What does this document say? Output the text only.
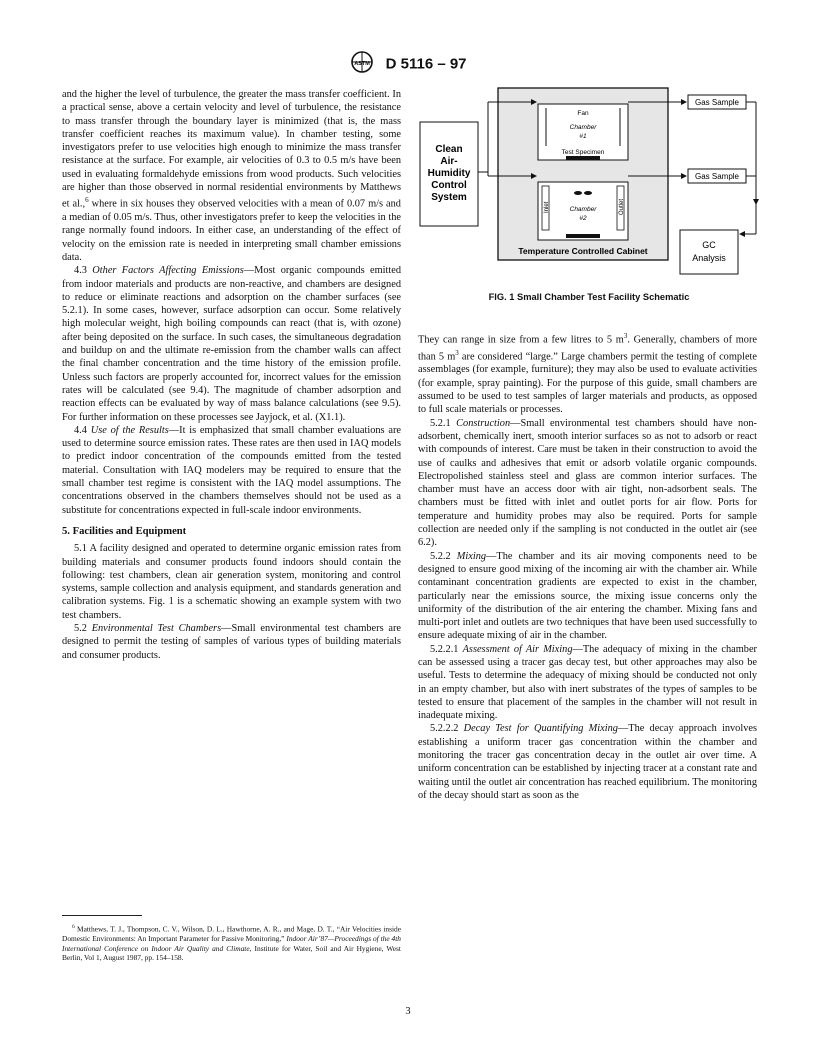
ASTM D 5116 – 97

and the higher the level of turbulence, the greater the mass transfer coefficient. In a practical sense, above a certain velocity and level of turbulence, the resistance to mass transfer through the boundary layer is minimized (that is, the mass transfer coefficient reaches its maximum value). In chamber testing, some investigators prefer to use velocities high enough to minimize the mass transfer resistance at the surface. For example, air velocities of 0.3 to 0.5 m/s have been used in evaluating formaldehyde emissions from wood products. Such velocities are higher than those observed in normal residential environments by Matthews et al.,$^6$ where in six houses they observed velocities with a mean of 0.07 m/s and a median of 0.05 m/s. Thus, other investigators prefer to keep the velocities in the range normally found indoors. In either case, an understanding of the effect of velocity on the emission rate is needed in interpreting small chamber emissions data.

4.3 Other Factors Affecting Emissions—Most organic compounds emitted from indoor materials and products are non-reactive, and chambers are designed to reduce or eliminate reactions and adsorption on the chamber surfaces (see 5.2.1). In some cases, however, surface adsorption can occur. Some relatively high molecular weight, high boiling compounds can react (that is, with ozone) after being deposited on the surface. In such cases, the simultaneous degradation and buildup on and the ultimate re-emission from the chamber walls can affect the final chamber concentration and the time history of the emission profile. Unless such factors are properly accounted for, incorrect values for the emission rates will be calculated (see 9.4). The magnitude of chamber adsorption and reaction effects can be evaluated by way of mass balance calculations (see 9.5). For further information on these processes see Jayjock, et al. (X1.1).

4.4 Use of the Results—It is emphasized that small chamber evaluations are used to determine source emission rates. These rates are then used in IAQ models to predict indoor concentration of the compounds emitted from the tested material. Consultation with IAQ modelers may be required to ensure that the small chamber test regime is consistent with the IAQ model assumptions. The concentrations observed in the chambers themselves should not be used as a substitute for concentrations expected in full-scale indoor environments.

5. Facilities and Equipment

5.1 A facility designed and operated to determine organic emission rates from building materials and consumer products found indoors should contain the following: test chambers, clean air generation system, monitoring and control systems, sample collection and analysis equipment, and standards generation and calibration systems. Fig. 1 is a schematic showing an example system with two test chambers.

5.2 Environmental Test Chambers—Small environmental test chambers are designed to permit the testing of samples of various types of building materials and consumer products.

$^6$ Matthews, T. J., Thompson, C. V., Wilson, D. L., Hawthorne, A. R., and Mage, D. T., “Air Velocities inside Domestic Environments: An Important Parameter for Passive Monitoring,” Indoor Air’87—Proceedings of the 4th International Conference on Indoor Air Quality and Climate, Institute for Water, Soil and Air Hygiene, West Berlin, Vol 1, August 1987, pp. 154–158.
Clean
Air-
Humidity
Control
System
Temperature Controlled Cabinet
Fan
Chamber
#1
Test Specimen
Inlet	Outlet
Chamber
#2
Gas Sample
Gas Sample
GC
Analysis
FIG. 1 Small Chamber Test Facility Schematic

They can range in size from a few litres to 5 $m^3$. Generally, chambers of more than 5 $m^3$ are considered “large.” Large chambers permit the testing of complete assemblages (for example, furniture); they may also be used to evaluate activities (for example, spray painting). For the purpose of this guide, small chambers are assumed to be used to test samples of larger materials and products, as opposed to full scale materials or processes.

5.2.1 Construction—Small environmental test chambers should have non-adsorbent, chemically inert, smooth interior surfaces so as not to adsorb or react with compounds of interest. Care must be taken in their construction to avoid the use of caulks and adhesives that emit or adsorb volatile organic compounds. Electropolished stainless steel and glass are common interior surfaces. The chamber must have an access door with air tight, non-adsorbent seals. The chambers must be fitted with inlet and outlet ports for air flow. Ports for temperature and humidity probes may also be required. Ports for sample collection are needed only if the sampling is not conducted in the outlet air (see 6.2).

5.2.2 Mixing—The chamber and its air moving components need to be designed to ensure good mixing of the incoming air with the chamber air. While contaminant concentration gradients are expected to exist in the chamber, particularly near the emissions source, the mixing issue concerns only the uniformity of the distribution of the air entering the chamber. Mixing fans and multi-port inlet and outlets are two techniques that have been used successfully to ensure adequate mixing of air in the chamber.

5.2.2.1 Assessment of Air Mixing—The adequacy of mixing in the chamber can be assessed using a tracer gas decay test, but other approaches may also be useful. Tests to determine the adequacy of mixing should be conducted not only in an empty chamber, but also with inert substrates of the types of samples to be tested to ensure that placement of the samples in the chamber will not result in inadequate mixing.

5.2.2.2 Decay Test for Quantifying Mixing—The decay approach involves establishing a uniform tracer gas concentration within the chamber and monitoring the tracer gas concentration decay in the outlet air over time. A uniform concentration can be established by injecting tracer at a constant rate and waiting until the outlet air concentration has reached equilibrium. The monitoring of the decay should start as soon as the

3
